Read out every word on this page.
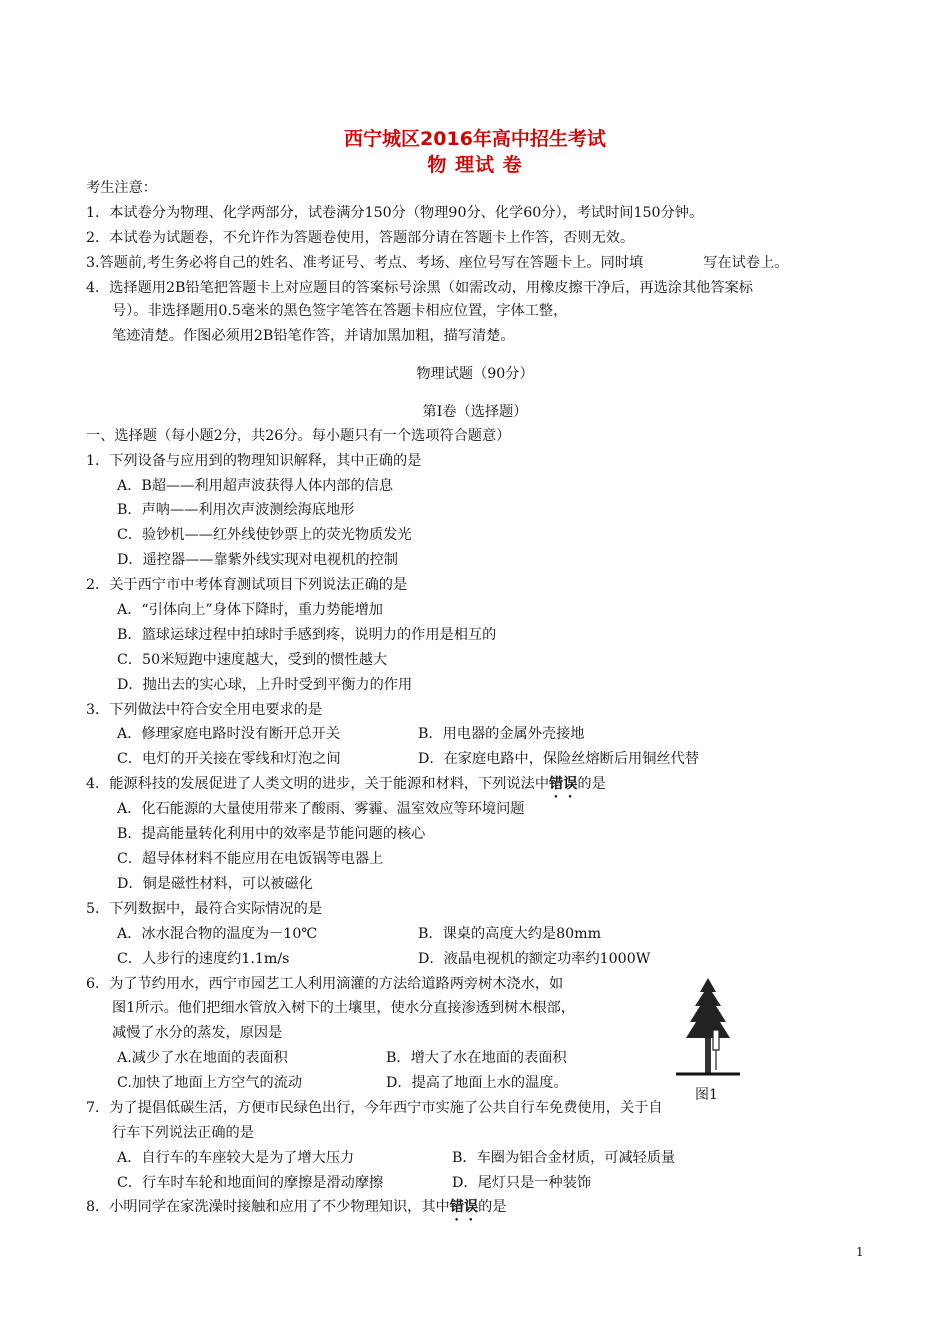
西宁城区2016年高中招生考试
物 理试 卷
考生注意：
1．本试卷分为物理、化学两部分，试卷满分150分（物理90分、化学60分），考试时间150分钟。
2．本试卷为试题卷，不允许作为答题卷使用，答题部分请在答题卡上作答，否则无效。
3.答题前,考生务必将自己的姓名、准考证号、考点、考场、座位号写在答题卡上。同时填	写在试卷上。
4．选择题用2B铅笔把答题卡上对应题目的答案标号涂黑（如需改动，用橡皮擦干净后，再选涂其他答案标
号）。非选择题用0.5毫米的黑色签字笔答在答题卡相应位置，字体工整，
笔迹清楚。作图必须用2B铅笔作答，并请加黑加粗，描写清楚。
物理试题（90分）
第Ⅰ卷（选择题）
一、选择题（每小题2分，共26分。每小题只有一个选项符合题意）
1．下列设备与应用到的物理知识解释，其中正确的是
A．B超——利用超声波获得人体内部的信息
B．声呐——利用次声波测绘海底地形
C．验钞机——红外线使钞票上的荧光物质发光
D．遥控器——靠紫外线实现对电视机的控制
2．关于西宁市中考体育测试项目下列说法正确的是
A．“引体向上”身体下降时，重力势能增加
B．篮球运球过程中拍球时手感到疼，说明力的作用是相互的
C．50米短跑中速度越大，受到的惯性越大
D．抛出去的实心球，上升时受到平衡力的作用
3．下列做法中符合安全用电要求的是
A．修理家庭电路时没有断开总开关	B．用电器的金属外壳接地
C．电灯的开关接在零线和灯泡之间	D．在家庭电路中，保险丝熔断后用铜丝代替
4．能源科技的发展促进了人类文明的进步，关于能源和材料，下列说法中错误的是
A．化石能源的大量使用带来了酸雨、雾霾、温室效应等环境问题
B．提高能量转化利用中的效率是节能问题的核心
C．超导体材料不能应用在电饭锅等电器上
D．铜是磁性材料，可以被磁化
5．下列数据中，最符合实际情况的是
A．冰水混合物的温度为－10℃	B．课桌的高度大约是80mm
C．人步行的速度约1.1m/s	D．液晶电视机的额定功率约1000W
6．为了节约用水，西宁市园艺工人利用滴灌的方法给道路两旁树木浇水，如
图1所示。他们把细水管放入树下的土壤里，使水分直接渗透到树木根部，
减慢了水分的蒸发，原因是
A.减少了水在地面的表面积	B．增大了水在地面的表面积
C.加快了地面上方空气的流动	D．提高了地面上水的温度。
图1
7．为了提倡低碳生活，方便市民绿色出行，今年西宁市实施了公共自行车免费使用，关于自
行车下列说法正确的是
A．自行车的车座较大是为了增大压力	B．车圈为铝合金材质，可减轻质量
C．行车时车轮和地面间的摩擦是滑动摩擦	D．尾灯只是一种装饰
8．小明同学在家洗澡时接触和应用了不少物理知识，其中错误的是
1
